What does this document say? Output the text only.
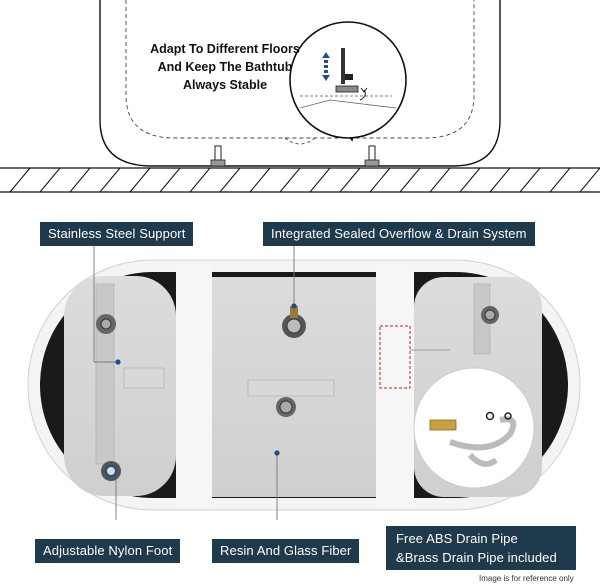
Adapt To Different Floors
And Keep The Bathtub
Always Stable
Stainless Steel Support	Integrated Sealed Overflow & Drain System
Adjustable Nylon Foot	Resin And Glass Fiber
Free ABS Drain Pipe
&Brass Drain Pipe included
Image is for reference only
